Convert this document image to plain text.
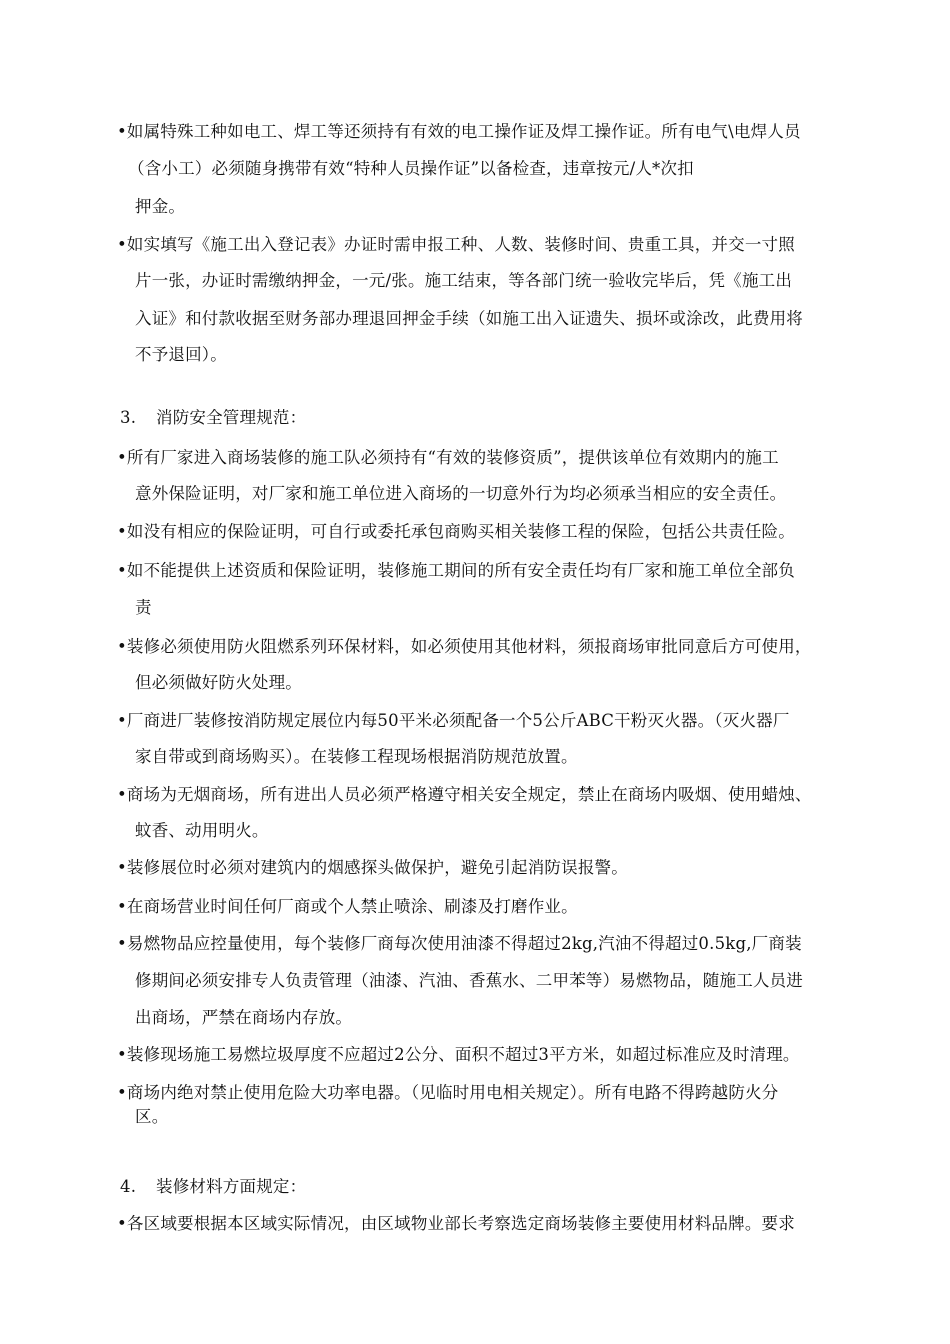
•如属特殊工种如电工、焊工等还须持有有效的电工操作证及焊工操作证。所有电气\电焊人员
（含小工）必须随身携带有效“特种人员操作证”以备检查，违章按元/人*次扣
押金。
•如实填写《施工出入登记表》办证时需申报工种、人数、装修时间、贵重工具，并交一寸照
片一张，办证时需缴纳押金，一元/张。施工结束，等各部门统一验收完毕后，凭《施工出
入证》和付款收据至财务部办理退回押金手续（如施工出入证遗失、损坏或涂改，此费用将
不予退回）。
3. 消防安全管理规范：
•所有厂家进入商场装修的施工队必须持有“有效的装修资质”，提供该单位有效期内的施工
意外保险证明，对厂家和施工单位进入商场的一切意外行为均必须承当相应的安全责任。
•如没有相应的保险证明，可自行或委托承包商购买相关装修工程的保险，包括公共责任险。
•如不能提供上述资质和保险证明，装修施工期间的所有安全责任均有厂家和施工单位全部负
责
•装修必须使用防火阻燃系列环保材料，如必须使用其他材料，须报商场审批同意后方可使用，
但必须做好防火处理。
•厂商进厂装修按消防规定展位内每50平米必须配备一个5公斤ABC干粉灭火器。（灭火器厂
家自带或到商场购买）。在装修工程现场根据消防规范放置。
•商场为无烟商场，所有进出人员必须严格遵守相关安全规定，禁止在商场内吸烟、使用蜡烛、
蚊香、动用明火。
•装修展位时必须对建筑内的烟感探头做保护，避免引起消防误报警。
•在商场营业时间任何厂商或个人禁止喷涂、刷漆及打磨作业。
•易燃物品应控量使用，每个装修厂商每次使用油漆不得超过2kg,汽油不得超过0.5kg,厂商装
修期间必须安排专人负责管理（油漆、汽油、香蕉水、二甲苯等）易燃物品，随施工人员进
出商场，严禁在商场内存放。
•装修现场施工易燃垃圾厚度不应超过2公分、面积不超过3平方米，如超过标准应及时清理。
•商场内绝对禁止使用危险大功率电器。（见临时用电相关规定）。所有电路不得跨越防火分
区。
4. 装修材料方面规定：
•各区域要根据本区域实际情况，由区域物业部长考察选定商场装修主要使用材料品牌。要求
